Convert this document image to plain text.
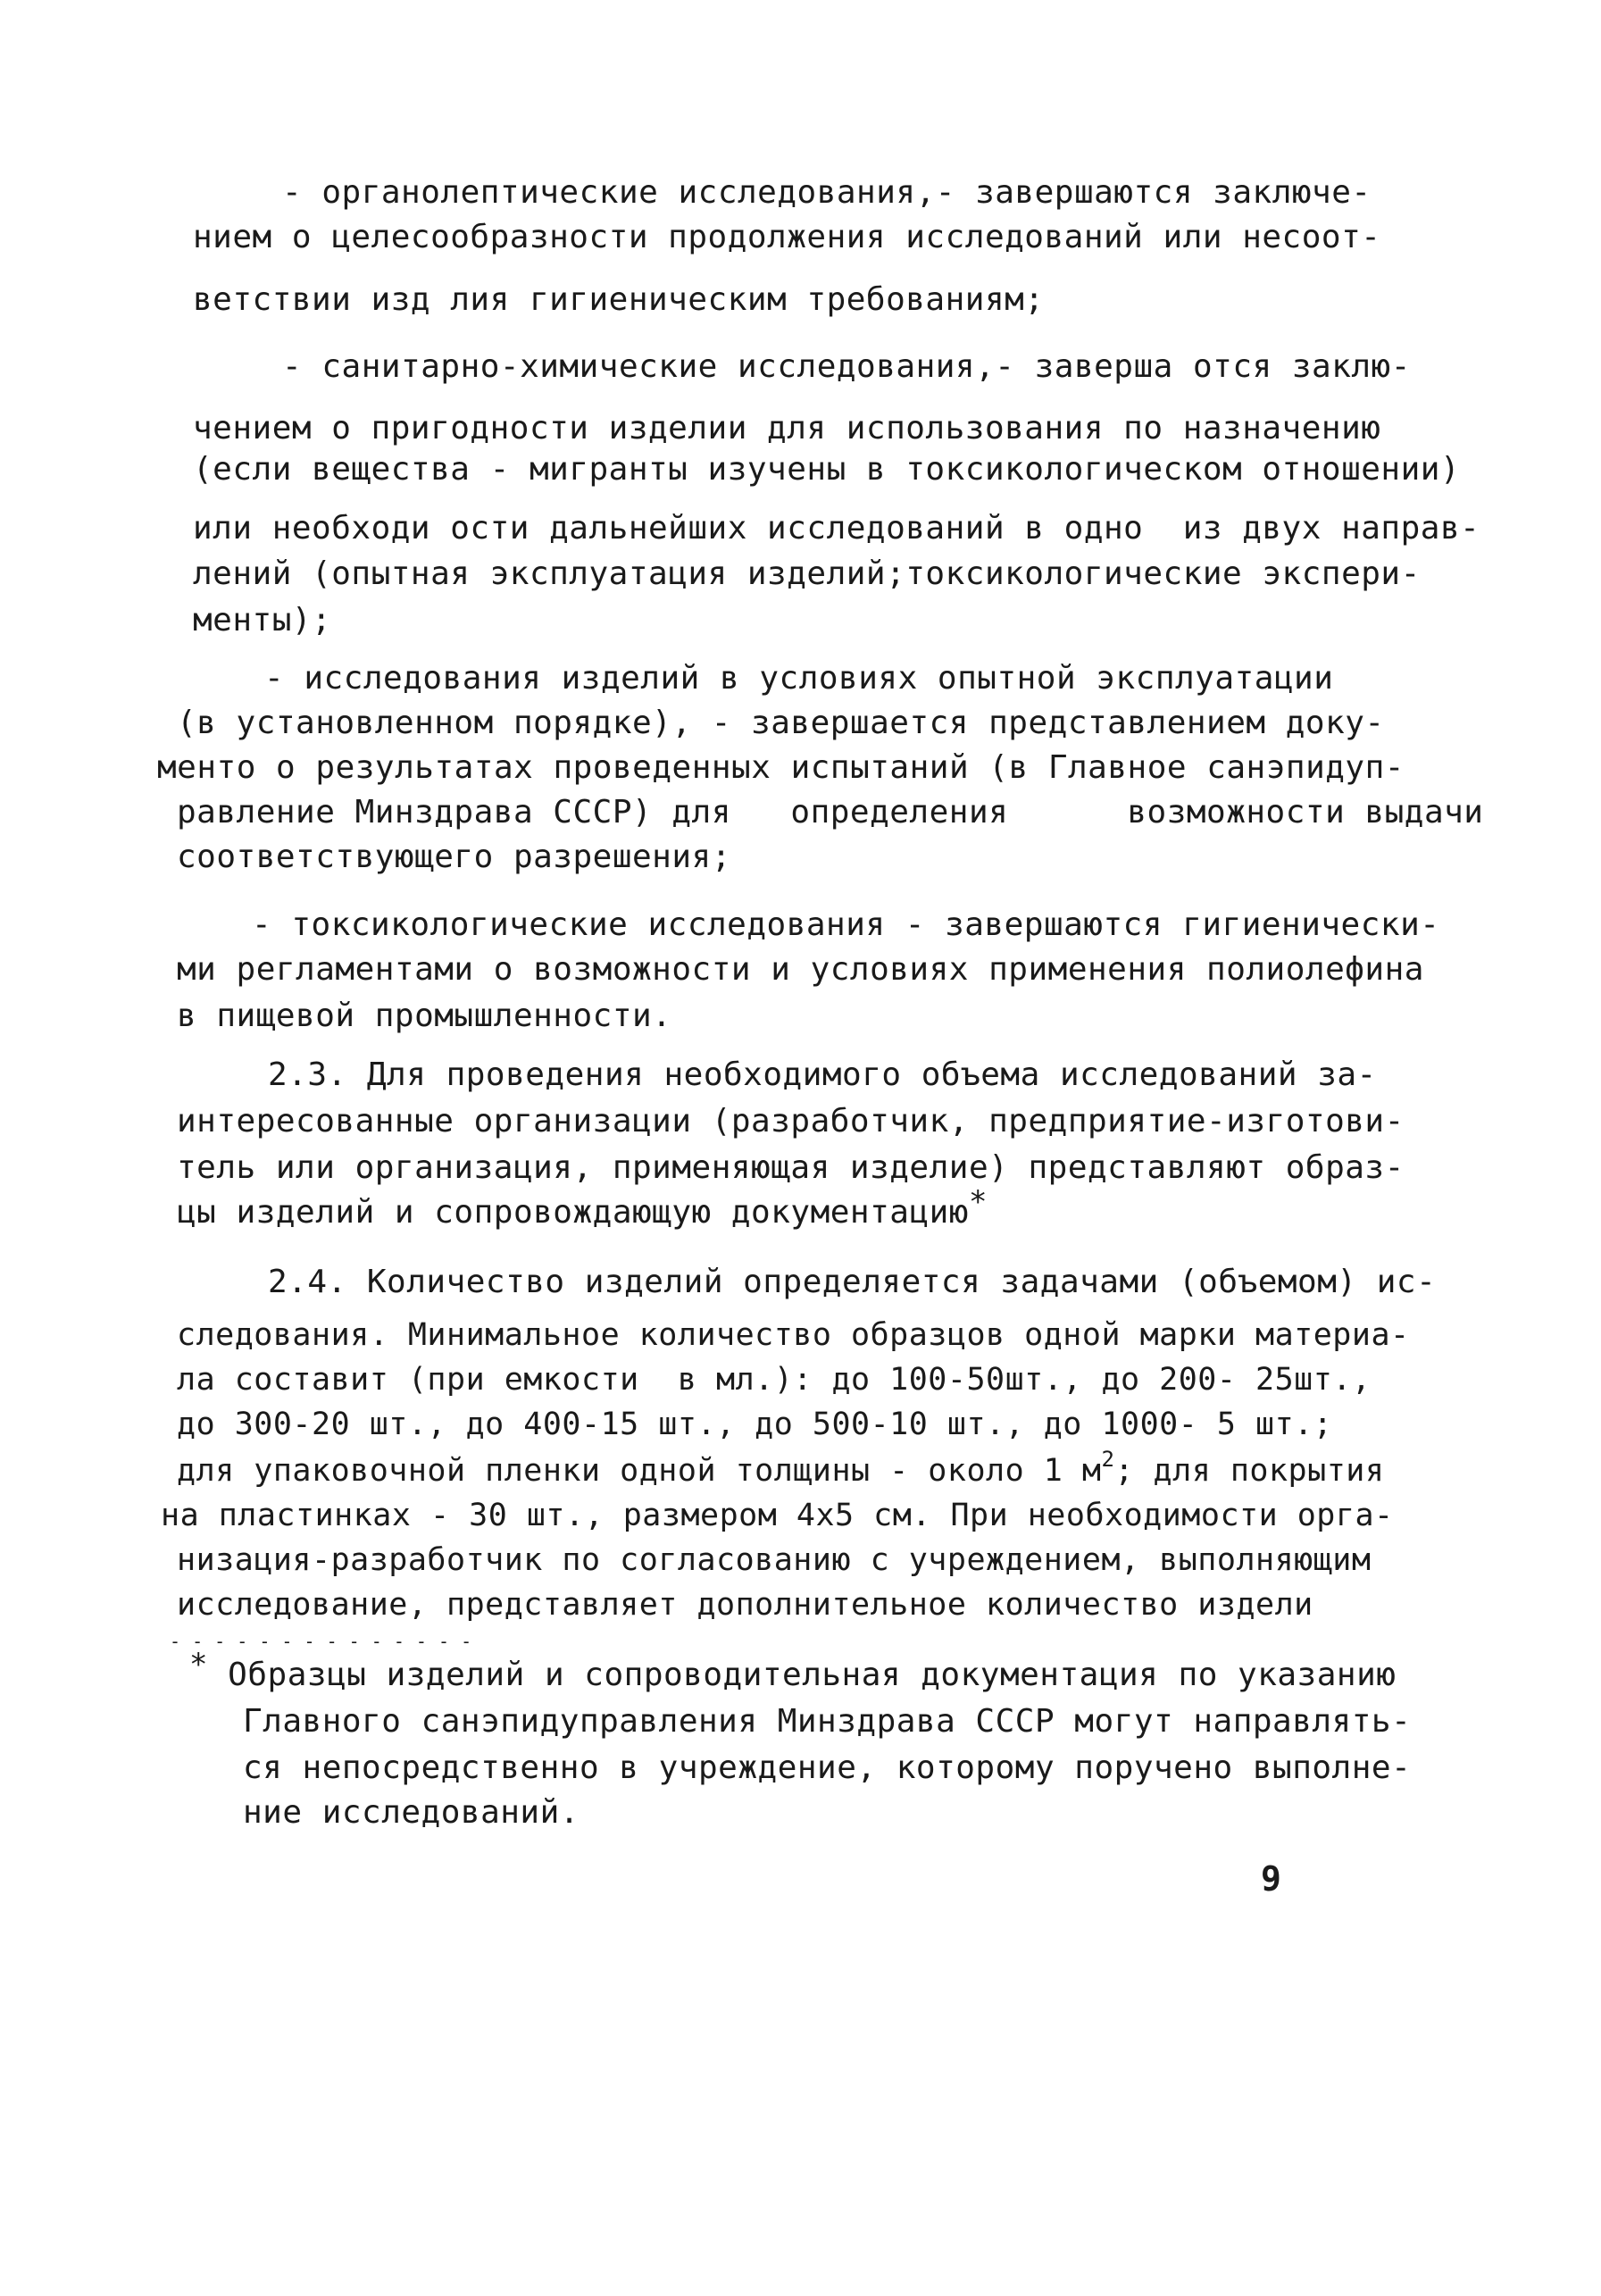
- органолептические исследования,- завершаются заключе-
нием о целесообразности продолжения исследований или несоот-
ветствии изд лия гигиеническим требованиям;
- санитарно-химические исследования,- заверша отся заклю-
чением о пригодности изделии для использования по назначению
(если вещества - мигранты изучены в токсикологическом отношении)
или необходи ости дальнейших исследований в одно  из двух направ-
лений (опытная эксплуатация изделий;токсикологические экспери-
менты);
- исследования изделий в условиях опытной эксплуатации
(в установленном порядке), - завершается представлением доку-
менто о результатах проведенных испытаний (в Главное санэпидуп-
равление Минздрава СССР) для   определения      возможности выдачи
соответствующего разрешения;
- токсикологические исследования - завершаются гигиенически-
ми регламентами о возможности и условиях применения полиолефина
в пищевой промышленности.
2.3. Для проведения необходимого объема исследований за-
интересованные организации (разработчик, предприятие-изготови-
тель или организация, применяющая изделие) представляют образ-
цы изделий и сопровождающую документацию*
2.4. Количество изделий определяется задачами (объемом) ис-
следования. Минимальное количество образцов одной марки материа-
ла составит (при емкости  в мл.): до 100-50шт., до 200- 25шт.,
до 300-20 шт., до 400-15 шт., до 500-10 шт., до 1000- 5 шт.;
для упаковочной пленки одной толщины - около 1 $м^2$; для покрытия
на пластинках - 30 шт., размером 4х5 см. При необходимости орга-
низация-разработчик по согласованию с учреждением, выполняющим
исследование, представляет дополнительное количество издели
- - - - - - - - - - - - - -
* Образцы изделий и сопроводительная документация по указанию
Главного санэпидуправления Минздрава СССР могут направлять-
ся непосредственно в учреждение, которому поручено выполне-
ние исследований.
9
